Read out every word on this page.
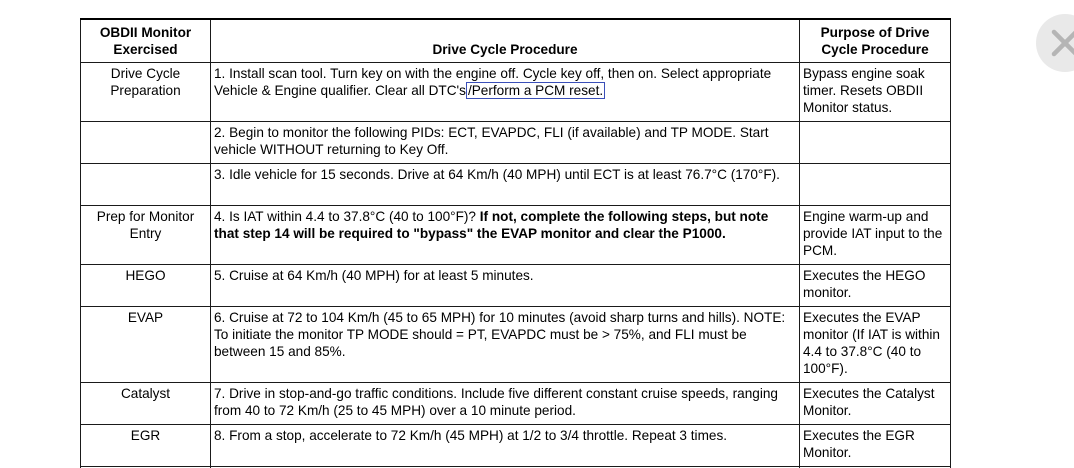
OBDII Monitor Exercised	Drive Cycle Procedure	Purpose of Drive Cycle Procedure
Drive Cycle Preparation	1. Install scan tool. Turn key on with the engine off. Cycle key off, then on. Select appropriate Vehicle & Engine qualifier. Clear all DTC's /Perform a PCM reset.	Bypass engine soak timer. Resets OBDII Monitor status.
	2. Begin to monitor the following PIDs: ECT, EVAPDC, FLI (if available) and TP MODE. Start vehicle WITHOUT returning to Key Off.	
	3. Idle vehicle for 15 seconds. Drive at 64 Km/h (40 MPH) until ECT is at least 76.7°C (170°F).	
Prep for Monitor Entry	4. Is IAT within 4.4 to 37.8°C (40 to 100°F)? If not, complete the following steps, but note that step 14 will be required to "bypass" the EVAP monitor and clear the P1000.	Engine warm-up and provide IAT input to the PCM.
HEGO	5. Cruise at 64 Km/h (40 MPH) for at least 5 minutes.	Executes the HEGO monitor.
EVAP	6. Cruise at 72 to 104 Km/h (45 to 65 MPH) for 10 minutes (avoid sharp turns and hills). NOTE: To initiate the monitor TP MODE should = PT, EVAPDC must be > 75%, and FLI must be between 15 and 85%.	Executes the EVAP monitor (If IAT is within 4.4 to 37.8°C (40 to 100°F).
Catalyst	7. Drive in stop-and-go traffic conditions. Include five different constant cruise speeds, ranging from 40 to 72 Km/h (25 to 45 MPH) over a 10 minute period.	Executes the Catalyst Monitor.
EGR	8. From a stop, accelerate to 72 Km/h (45 MPH) at 1/2 to 3/4 throttle. Repeat 3 times.	Executes the EGR Monitor.
